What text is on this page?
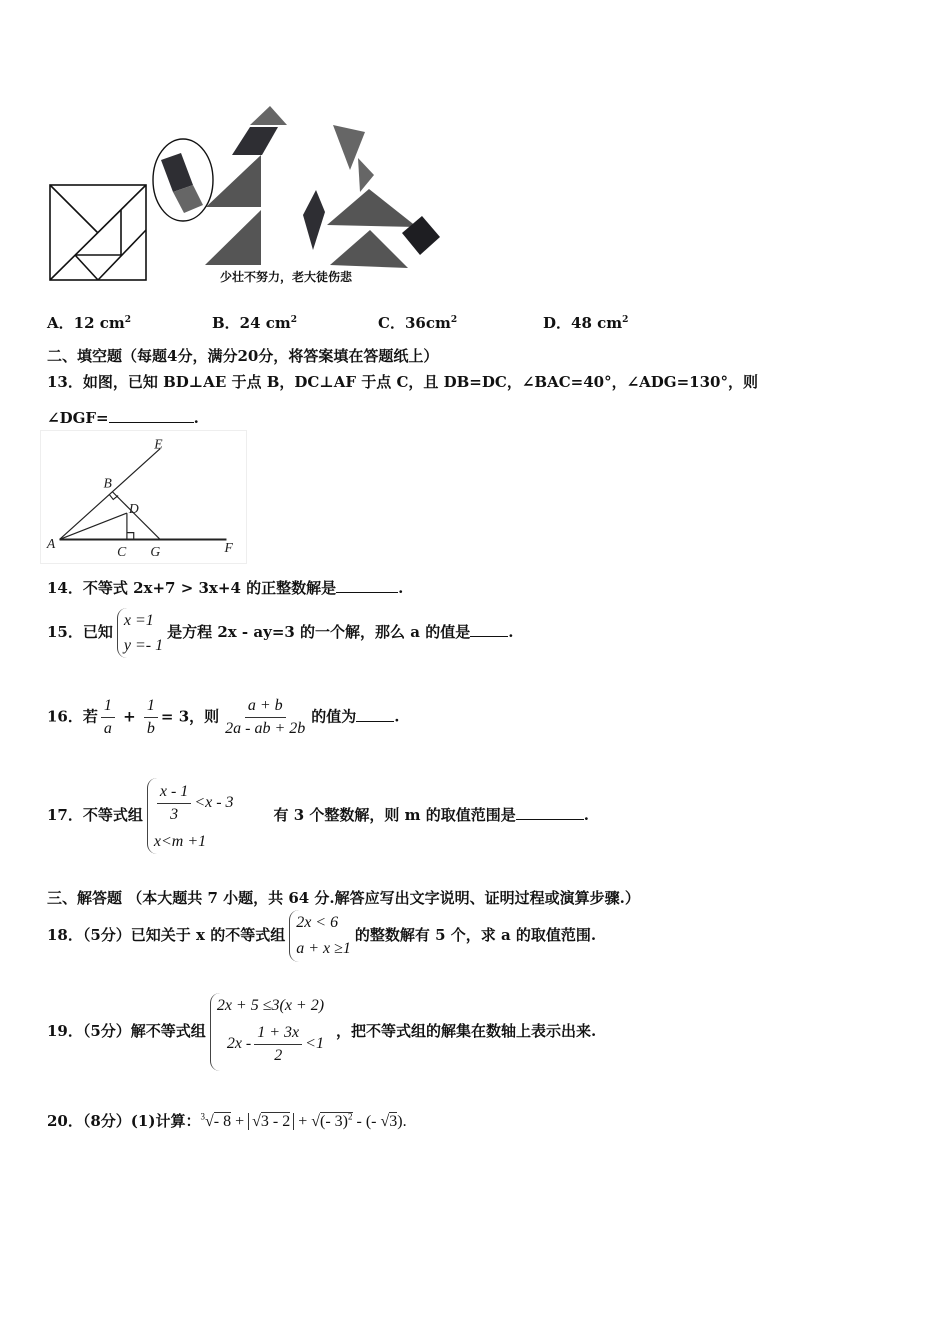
少壮不努力，老大徒伤悲
A．12 $cm^2$	B．24 $cm^2$	C．$36cm^2$	D．48 $cm^2$
二、填空题（每题4分，满分20分，将答案填在答题纸上）
13．如图，已知 BD⊥AE 于点 B，DC⊥AF 于点 C，且 DB=DC，∠BAC=40°，∠ADG=130°，则
∠DGF=	.
E
B
D
A
C G	F
14．不等式 2x+7 > 3x+4 的正整数解是	.
15．已知
x =1
y =- 1
是方程 2x - ay=3 的一个解，那么 a 的值是	.
16．若 $\frac{1}{a} + \frac{1}{b} = 3$，则 $\frac{a + b}{2a - ab + 2b}$ 的值为	.
17．不等式组 $\frac{x - 1}{3} <x - 3$
x<m +1
有 3 个整数解，则 m 的取值范围是	.
三、解答题 （本大题共 7 小题，共 64 分.解答应写出文字说明、证明过程或演算步骤.）
18．（5分）已知关于 x 的不等式组
2x < 6
a + x ≥1
的整数解有 5 个，求 a 的取值范围.
19．（5分）解不等式组
2x + 5 ≤3(x + 2)
$2x - \frac{1 + 3x}{2} <1$
，把不等式组的解集在数轴上表示出来.
20．（8分）(1)计算：$^3$√- 8 + √3 - 2 + √(- 3)$^2$ - (- √3).
